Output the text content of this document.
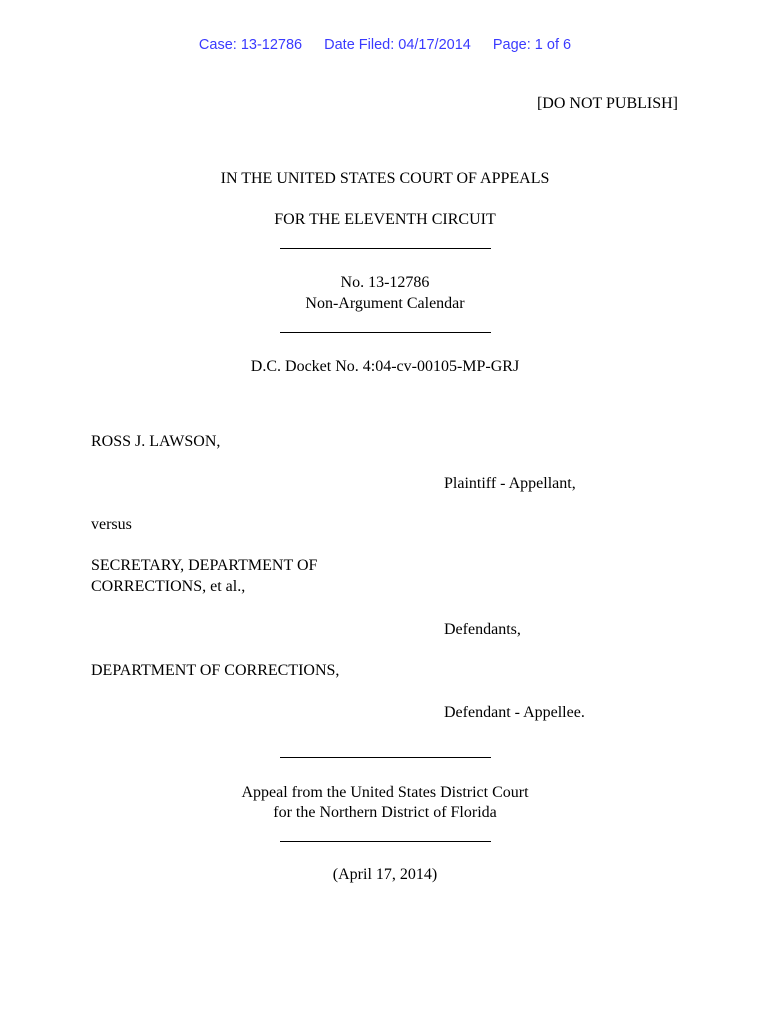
Case: 13-12786 Date Filed: 04/17/2014 Page: 1 of 6
[DO NOT PUBLISH]
IN THE UNITED STATES COURT OF APPEALS
FOR THE ELEVENTH CIRCUIT
No. 13-12786
Non-Argument Calendar
D.C. Docket No. 4:04-cv-00105-MP-GRJ
ROSS J. LAWSON,
Plaintiff - Appellant,
versus
SECRETARY, DEPARTMENT OF
CORRECTIONS, et al.,
Defendants,
DEPARTMENT OF CORRECTIONS,
Defendant - Appellee.
Appeal from the United States District Court
for the Northern District of Florida
(April 17, 2014)
